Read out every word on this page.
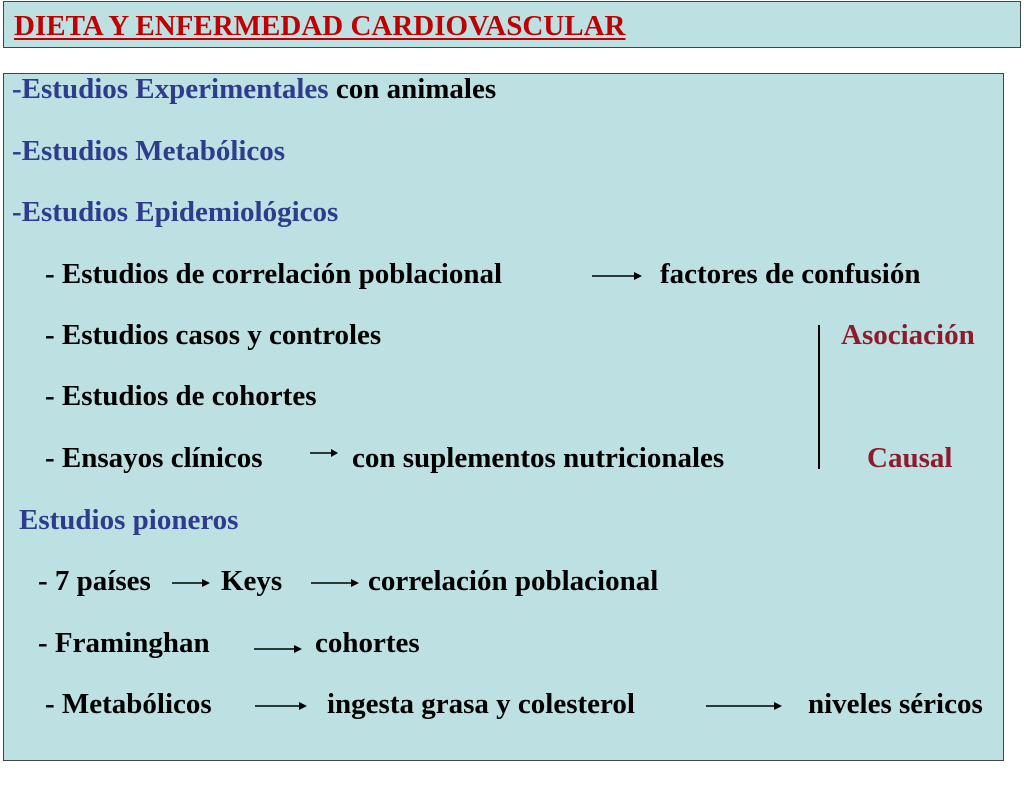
DIETA Y ENFERMEDAD CARDIOVASCULAR
-Estudios Experimentales con animales
-Estudios Metabólicos
-Estudios Epidemiológicos
- Estudios de correlación poblacional	factores de confusión
- Estudios casos y controles	Asociación
- Estudios de cohortes
- Ensayos clínicos	con suplementos nutricionales	Causal
Estudios pioneros
- 7 países Keys	correlación poblacional
- Framinghan	cohortes
- Metabólicos	ingesta grasa y colesterol	niveles séricos
